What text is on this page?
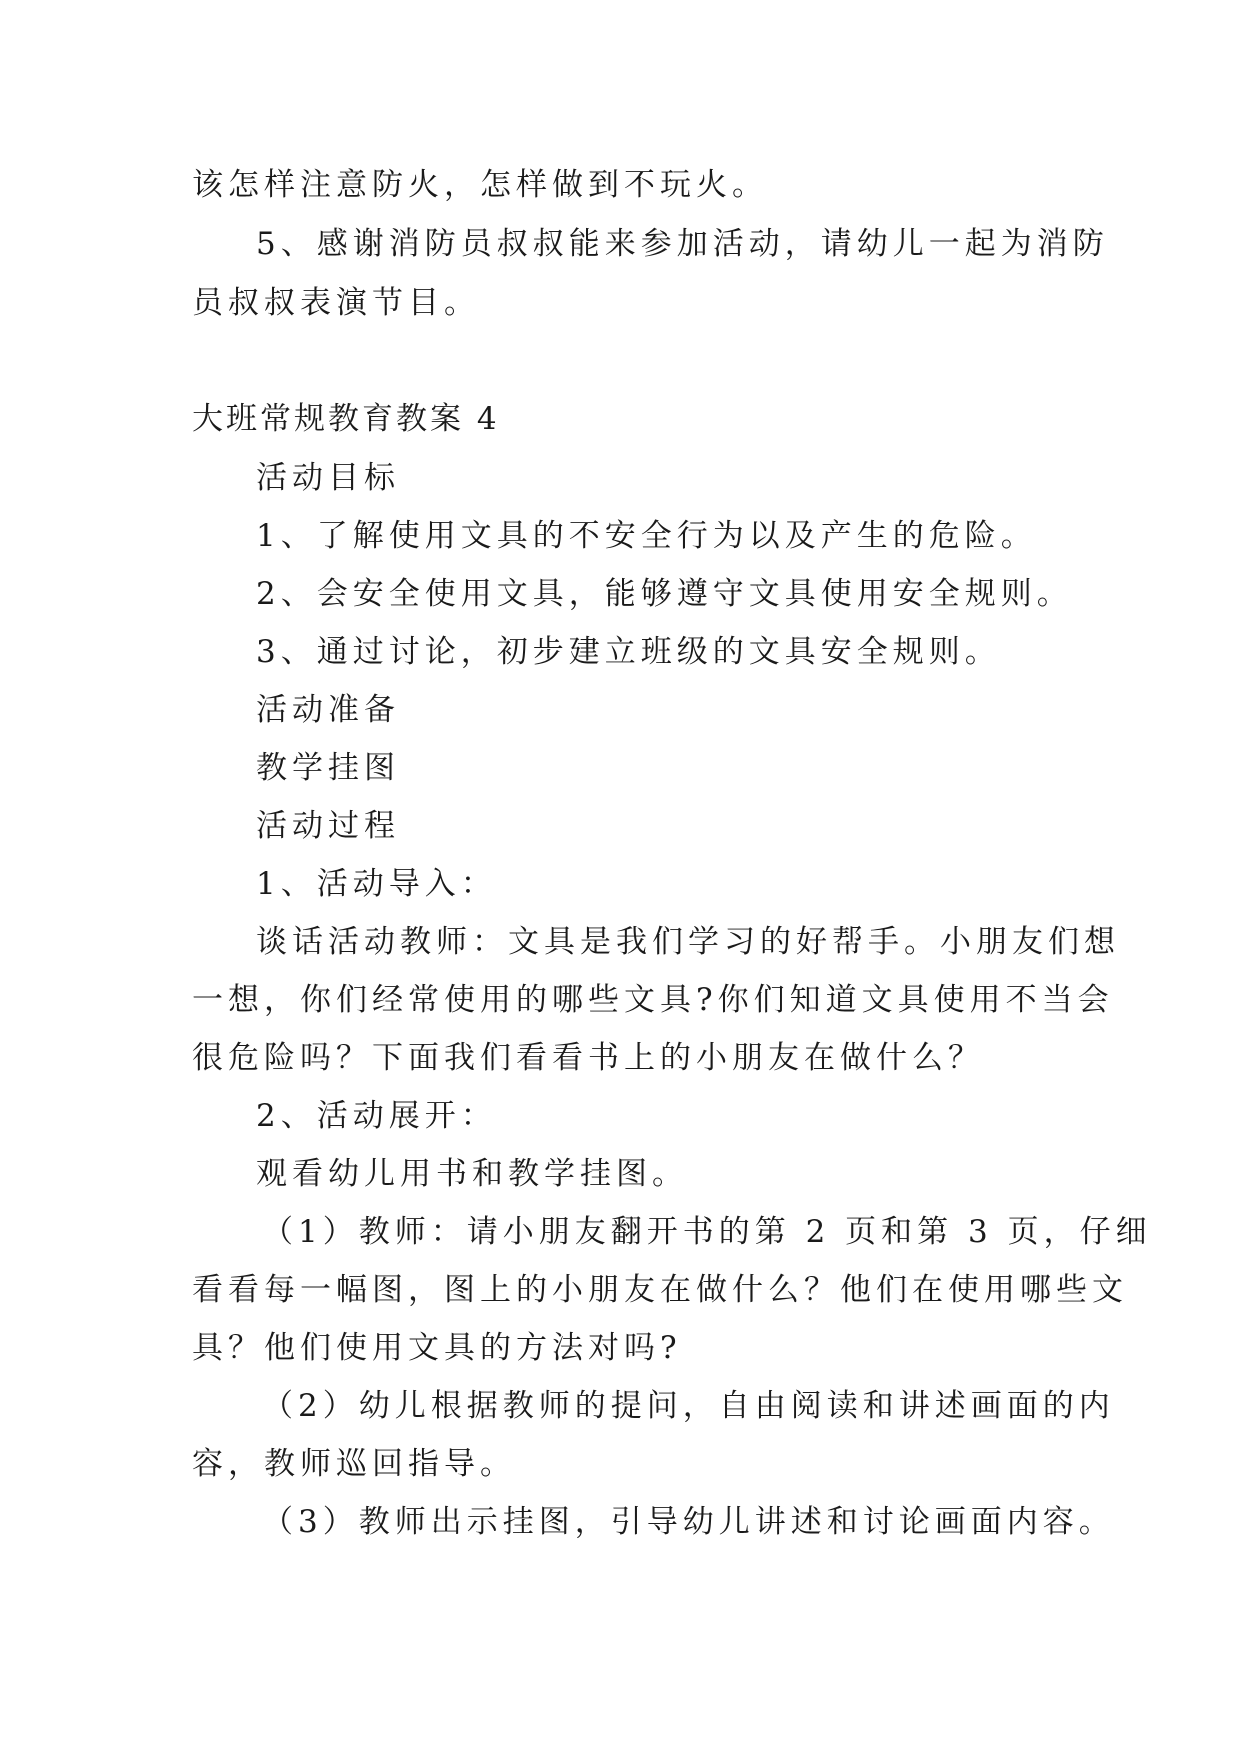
该怎样注意防火，怎样做到不玩火。
5、感谢消防员叔叔能来参加活动，请幼儿一起为消防
员叔叔表演节目。
大班常规教育教案 4
活动目标
1、了解使用文具的不安全行为以及产生的危险。
2、会安全使用文具，能够遵守文具使用安全规则。
3、通过讨论，初步建立班级的文具安全规则。
活动准备
教学挂图
活动过程
1、活动导入：
谈话活动教师：文具是我们学习的好帮手。小朋友们想
一想，你们经常使用的哪些文具?你们知道文具使用不当会
很危险吗？下面我们看看书上的小朋友在做什么？
2、活动展开：
观看幼儿用书和教学挂图。
（1）教师：请小朋友翻开书的第 2 页和第 3 页，仔细
看看每一幅图，图上的小朋友在做什么？他们在使用哪些文
具？他们使用文具的方法对吗?
（2）幼儿根据教师的提问，自由阅读和讲述画面的内
容，教师巡回指导。
（3）教师出示挂图，引导幼儿讲述和讨论画面内容。
